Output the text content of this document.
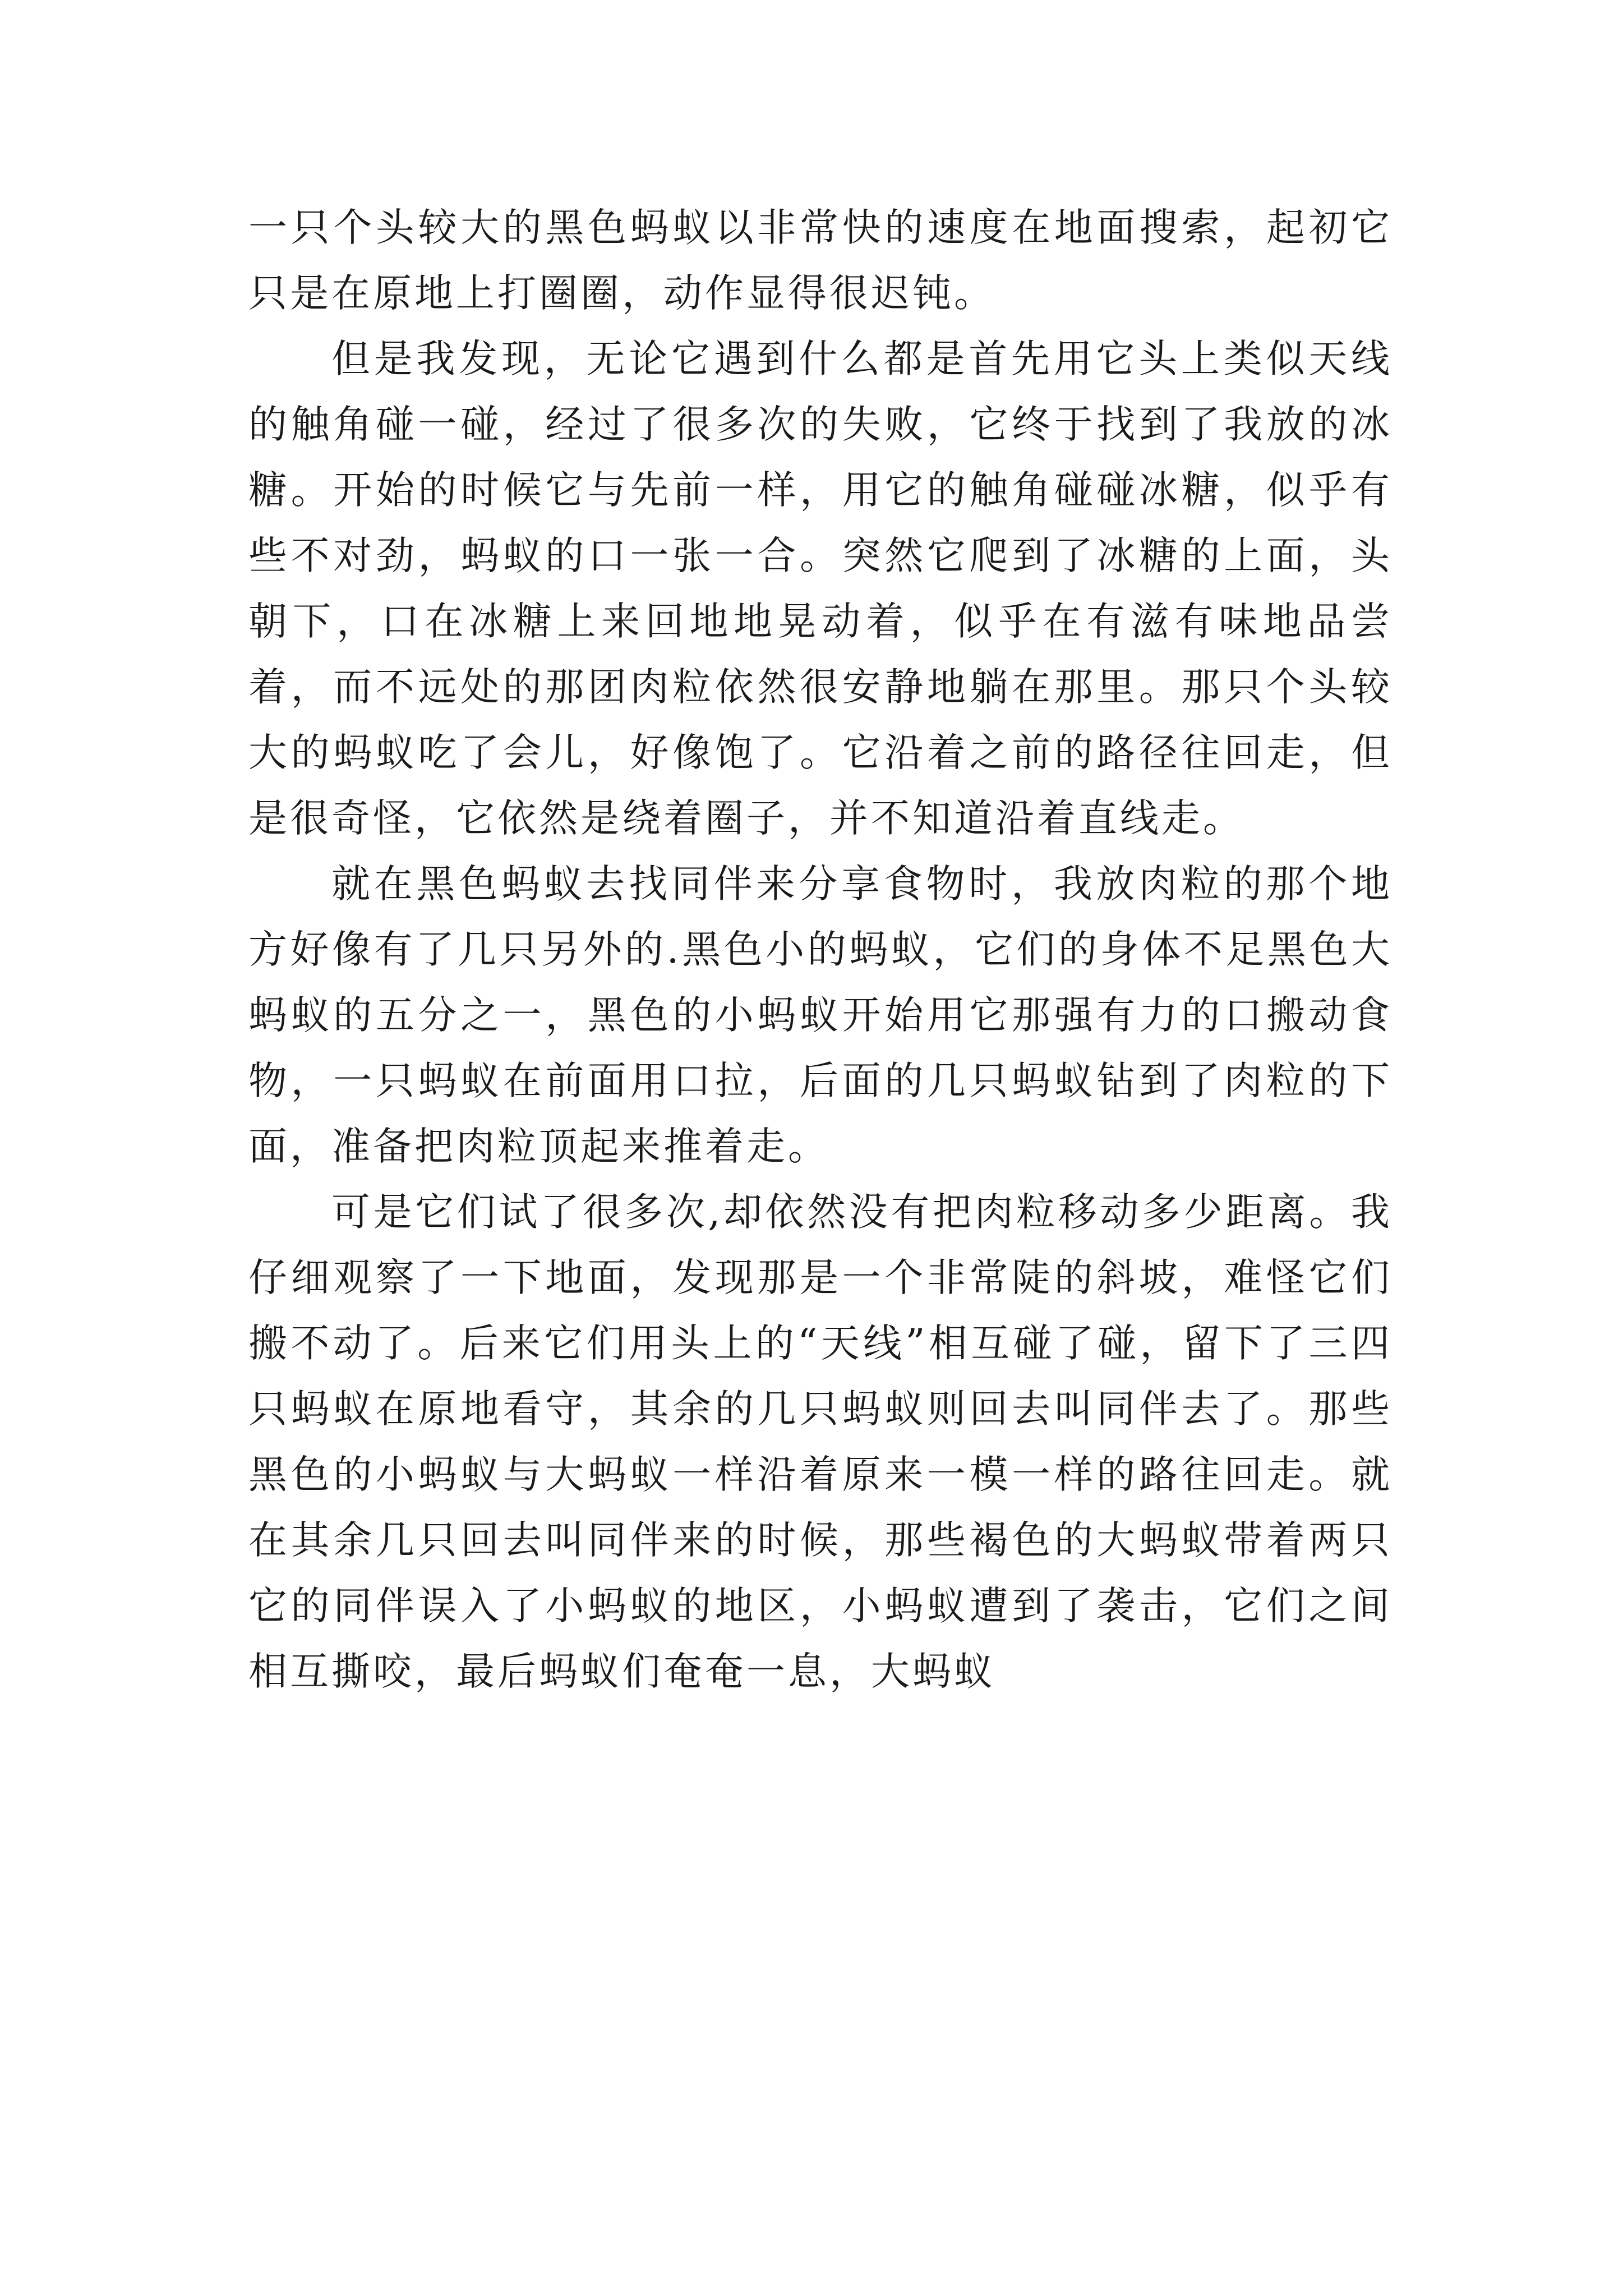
一只个头较大的黑色蚂蚁以非常快的速度在地面搜索，起初它只是在原地上打圈圈，动作显得很迟钝。

但是我发现，无论它遇到什么都是首先用它头上类似天线的触角碰一碰，经过了很多次的失败，它终于找到了我放的冰糖。开始的时候它与先前一样，用它的触角碰碰冰糖，似乎有些不对劲，蚂蚁的口一张一合。突然它爬到了冰糖的上面，头朝下，口在冰糖上来回地地晃动着，似乎在有滋有味地品尝着，而不远处的那团肉粒依然很安静地躺在那里。那只个头较大的蚂蚁吃了会儿，好像饱了。它沿着之前的路径往回走，但是很奇怪，它依然是绕着圈子，并不知道沿着直线走。

就在黑色蚂蚁去找同伴来分享食物时，我放肉粒的那个地方好像有了几只另外的.黑色小的蚂蚁，它们的身体不足黑色大蚂蚁的五分之一，黑色的小蚂蚁开始用它那强有力的口搬动食物，一只蚂蚁在前面用口拉，后面的几只蚂蚁钻到了肉粒的下面，准备把肉粒顶起来推着走。

可是它们试了很多次,却依然没有把肉粒移动多少距离。我仔细观察了一下地面，发现那是一个非常陡的斜坡，难怪它们搬不动了。后来它们用头上的“天线”相互碰了碰，留下了三四只蚂蚁在原地看守，其余的几只蚂蚁则回去叫同伴去了。那些黑色的小蚂蚁与大蚂蚁一样沿着原来一模一样的路往回走。就在其余几只回去叫同伴来的时候，那些褐色的大蚂蚁带着两只它的同伴误入了小蚂蚁的地区，小蚂蚁遭到了袭击，它们之间相互撕咬，最后蚂蚁们奄奄一息，大蚂蚁
